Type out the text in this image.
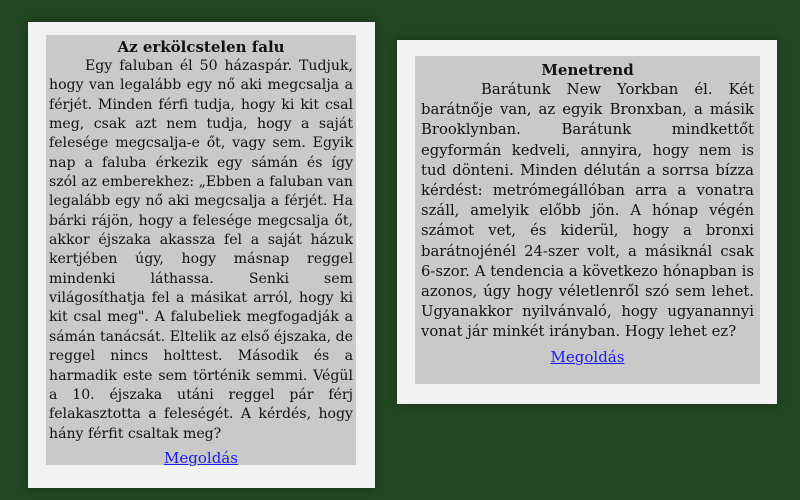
Az erkölcstelen falu

Egy faluban él 50 házaspár. Tudjuk, hogy van legalább egy nő aki megcsalja a férjét. Minden férfi tudja, hogy ki kit csal meg, csak azt nem tudja, hogy a saját felesége megcsalja-e őt, vagy sem. Egyik nap a faluba érkezik egy sámán és így szól az emberekhez: „Ebben a faluban van legalább egy nő aki megcsalja a férjét. Ha bárki rájön, hogy a felesége megcsalja őt, akkor éjszaka akassza fel a saját házuk kertjében úgy, hogy másnap reggel mindenki láthassa. Senki sem világosíthatja fel a másikat arról, hogy ki kit csal meg". A falubeliek megfogadják a sámán tanácsát. Eltelik az első éjszaka, de reggel nincs holttest. Második és a harmadik este sem történik semmi. Végül a 10. éjszaka utáni reggel pár férj felakasztotta a feleségét. A kérdés, hogy hány férfit csaltak meg?

Megoldás
Menetrend

Barátunk New Yorkban él. Két barátnője van, az egyik Bronxban, a másik Brooklynban. Barátunk mindkettőt egyformán kedveli, annyira, hogy nem is tud dönteni. Minden délután a sorrsa bízza kérdést: metrómegállóban arra a vonatra száll, amelyik előbb jön. A hónap végén számot vet, és kiderül, hogy a bronxi barátnojénél 24-szer volt, a másiknál csak 6-szor. A tendencia a következo hónapban is azonos, úgy hogy véletlenről szó sem lehet. Ugyanakkor nyilvánvaló, hogy ugyanannyi vonat jár minkét irányban. Hogy lehet ez?

Megoldás
